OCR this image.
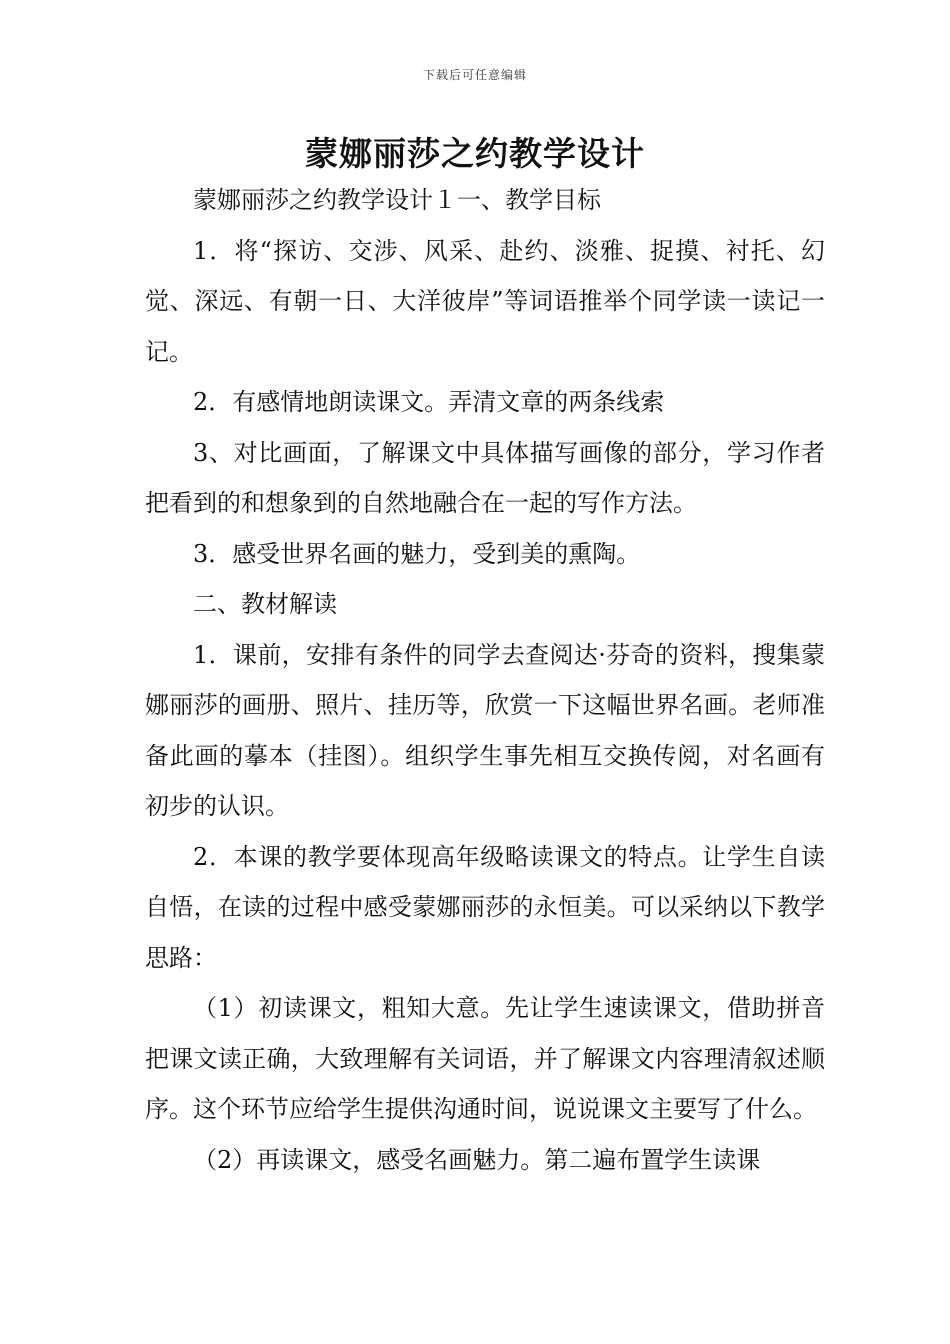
下载后可任意编辑
蒙娜丽莎之约教学设计

蒙娜丽莎之约教学设计１一、教学目标

1．将“探访、交涉、风采、赴约、淡雅、捉摸、衬托、幻觉、深远、有朝一日、大洋彼岸”等词语推举个同学读一读记一记。

2．有感情地朗读课文。弄清文章的两条线索

3、对比画面，了解课文中具体描写画像的部分，学习作者把看到的和想象到的自然地融合在一起的写作方法。

3．感受世界名画的魅力，受到美的熏陶。

二、教材解读

1．课前，安排有条件的同学去查阅达·芬奇的资料，搜集蒙娜丽莎的画册、照片、挂历等，欣赏一下这幅世界名画。老师准备此画的摹本（挂图）。组织学生事先相互交换传阅，对名画有初步的认识。

2．本课的教学要体现高年级略读课文的特点。让学生自读自悟，在读的过程中感受蒙娜丽莎的永恒美。可以采纳以下教学思路：

（1）初读课文，粗知大意。先让学生速读课文，借助拼音把课文读正确，大致理解有关词语，并了解课文内容理清叙述顺序。这个环节应给学生提供沟通时间，说说课文主要写了什么。

（2）再读课文，感受名画魅力。第二遍布置学生读课
